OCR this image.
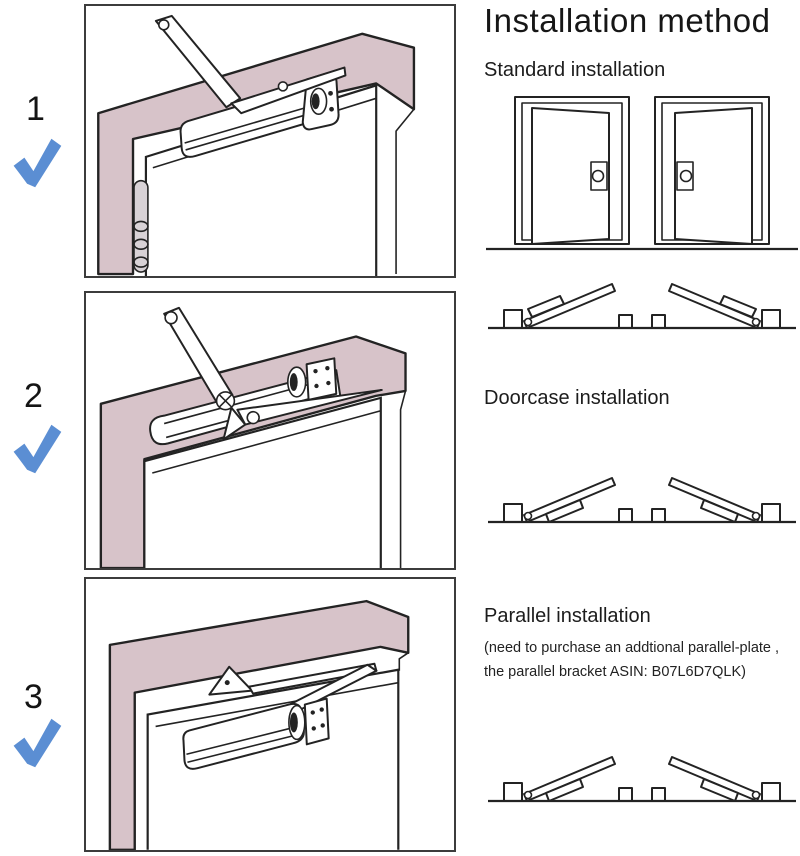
1
2
3
Installation method
Standard installation
Doorcase installation
Parallel installation
(need to purchase an addtional parallel-plate ,
the parallel bracket ASIN: B07L6D7QLK)
